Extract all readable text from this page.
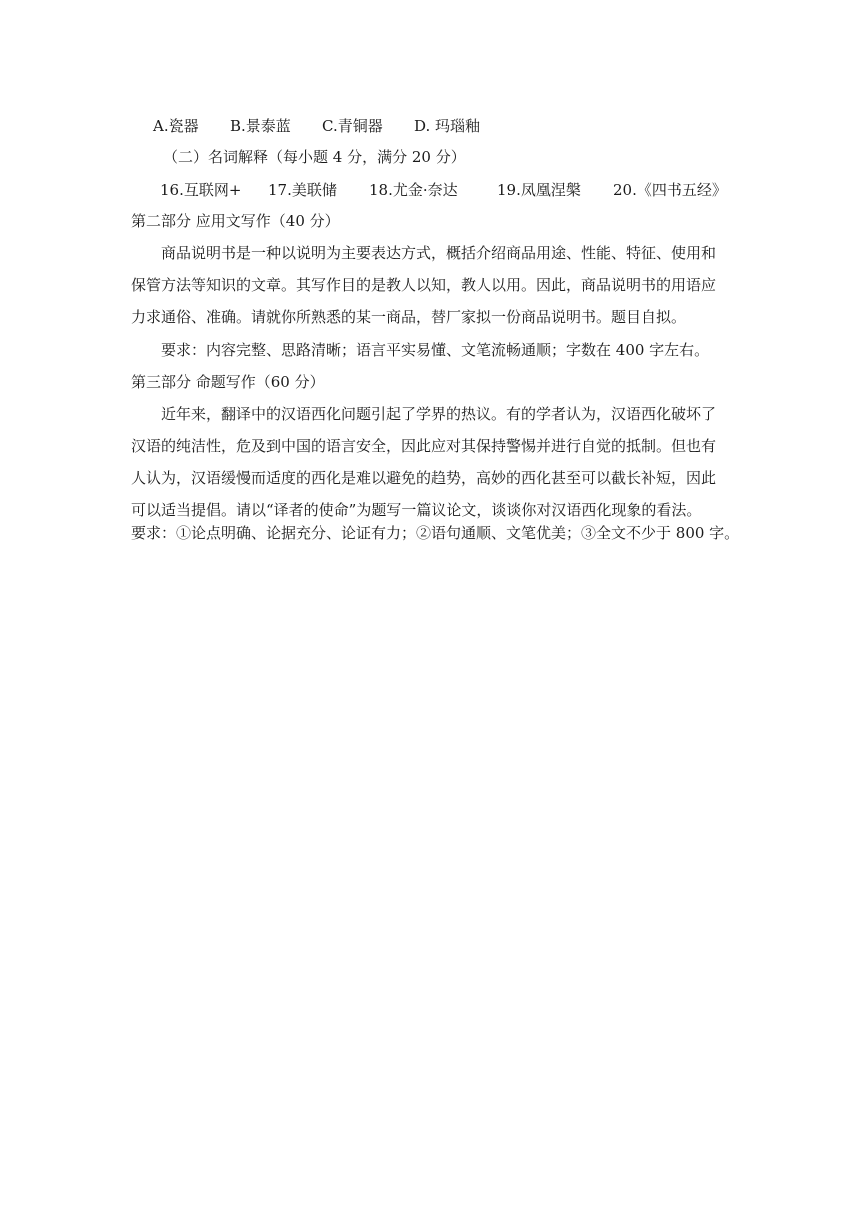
A.瓷器 B.景泰蓝 C.青铜器 D. 玛瑙釉
（二）名词解释（每小题 4 分，满分 20 分）
16.互联网+ 17.美联储 18.尤金·奈达	19.凤凰涅槃 20.《四书五经》
第二部分 应用文写作（40 分）
商品说明书是一种以说明为主要表达方式，概括介绍商品用途、性能、特征、使用和
保管方法等知识的文章。其写作目的是教人以知，教人以用。因此，商品说明书的用语应
力求通俗、准确。请就你所熟悉的某一商品，替厂家拟一份商品说明书。题目自拟。
要求：内容完整、思路清晰；语言平实易懂、文笔流畅通顺；字数在 400 字左右。
第三部分 命题写作（60 分）
近年来，翻译中的汉语西化问题引起了学界的热议。有的学者认为，汉语西化破坏了
汉语的纯洁性，危及到中国的语言安全，因此应对其保持警惕并进行自觉的抵制。但也有
人认为，汉语缓慢而适度的西化是难以避免的趋势，高妙的西化甚至可以截长补短，因此
可以适当提倡。请以“译者的使命”为题写一篇议论文，谈谈你对汉语西化现象的看法。
要求：①论点明确、论据充分、论证有力；②语句通顺、文笔优美；③全文不少于 800 字。
